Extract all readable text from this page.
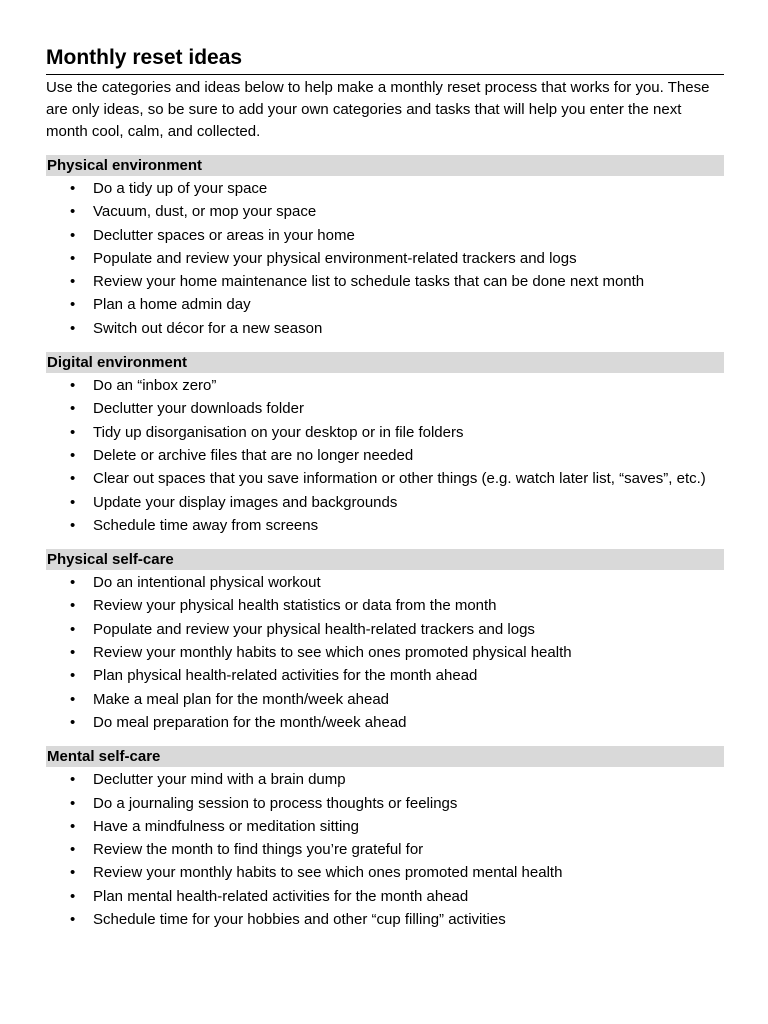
Monthly reset ideas

Use the categories and ideas below to help make a monthly reset process that works for you. These are only ideas, so be sure to add your own categories and tasks that will help you enter the next month cool, calm, and collected.

Physical environment
• Do a tidy up of your space
• Vacuum, dust, or mop your space
• Declutter spaces or areas in your home
• Populate and review your physical environment-related trackers and logs
• Review your home maintenance list to schedule tasks that can be done next month
• Plan a home admin day
• Switch out décor for a new season
Digital environment
• Do an “inbox zero”
• Declutter your downloads folder
• Tidy up disorganisation on your desktop or in file folders
• Delete or archive files that are no longer needed
• Clear out spaces that you save information or other things (e.g. watch later list, “saves”, etc.)
• Update your display images and backgrounds
• Schedule time away from screens
Physical self-care
• Do an intentional physical workout
• Review your physical health statistics or data from the month
• Populate and review your physical health-related trackers and logs
• Review your monthly habits to see which ones promoted physical health
• Plan physical health-related activities for the month ahead
• Make a meal plan for the month/week ahead
• Do meal preparation for the month/week ahead
Mental self-care
• Declutter your mind with a brain dump
• Do a journaling session to process thoughts or feelings
• Have a mindfulness or meditation sitting
• Review the month to find things you’re grateful for
• Review your monthly habits to see which ones promoted mental health
• Plan mental health-related activities for the month ahead
• Schedule time for your hobbies and other “cup filling” activities
